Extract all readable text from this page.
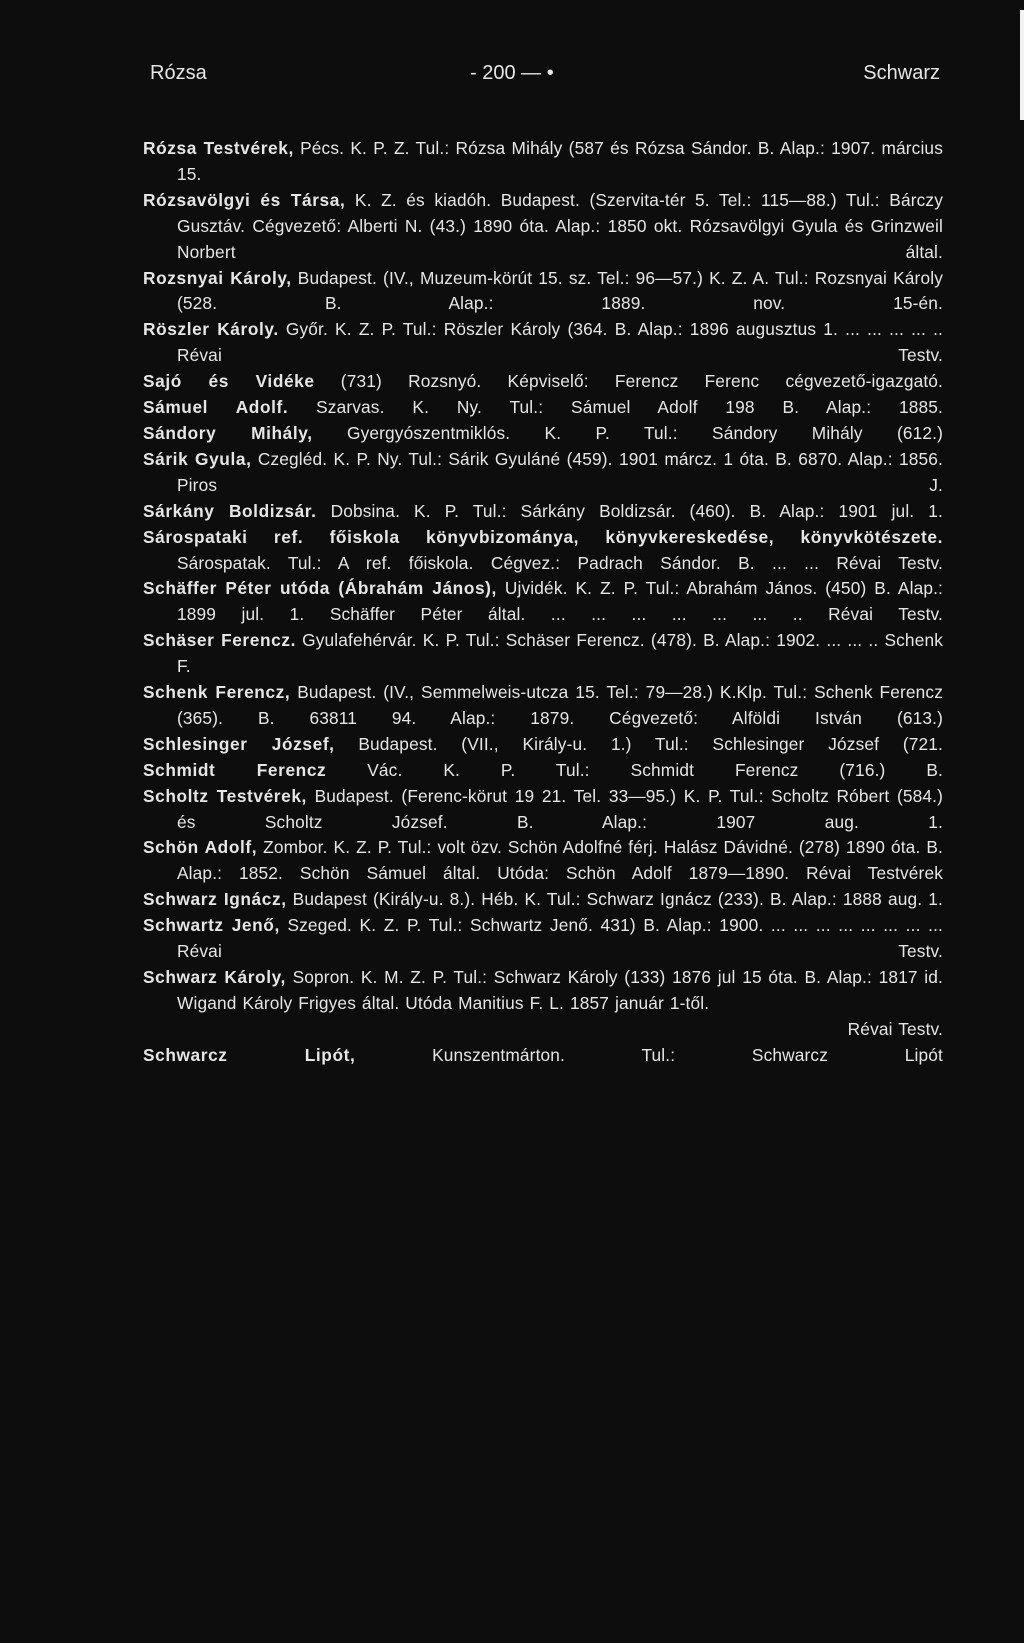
Rózsa	- 200 — •	Schwarz

Rózsa Testvérek, Pécs. K. P. Z. Tul.: Rózsa Mihály (587 és Rózsa Sándor. B. Alap.: 1907. március 15.

Rózsavölgyi és Társa, K. Z. és kiadóh. Budapest. (Szervita-tér 5. Tel.: 115—88.) Tul.: Bárczy Gusztáv. Cégvezető: Alberti N. (43.) 1890 óta. Alap.: 1850 okt. Rózsavölgyi Gyula és Grinzweil Norbert által.

Rozsnyai Károly, Budapest. (IV., Muzeum-körút 15. sz. Tel.: 96—57.) K. Z. A. Tul.: Rozsnyai Károly (528. B. Alap.: 1889. nov. 15-én.

Röszler Károly. Győr. K. Z. P. Tul.: Röszler Károly (364. B. Alap.: 1896 augusztus 1. ... ... ... ... .. Révai Testv.

Sajó és Vidéke (731) Rozsnyó. Képviselő: Ferencz Ferenc cégvezető-igazgató.

Sámuel Adolf. Szarvas. K. Ny. Tul.: Sámuel Adolf 198 B. Alap.: 1885.

Sándory Mihály, Gyergyószentmiklós. K. P. Tul.: Sándory Mihály (612.)

Sárik Gyula, Czegléd. K. P. Ny. Tul.: Sárik Gyuláné (459). 1901 márcz. 1 óta. B. 6870. Alap.: 1856. Piros J.

Sárkány Boldizsár. Dobsina. K. P. Tul.: Sárkány Boldizsár. (460). B. Alap.: 1901 jul. 1.

Sárospataki ref. főiskola könyvbizományа, könyvkereskedése, könyvkötészete. Sárospatak. Tul.: A ref. főiskola. Cégvez.: Padrach Sándor. B. ... ... Révai Testv.

Schäffer Péter utóda (Ábrahám János), Ujvidék. K. Z. P. Tul.: Abrahám János. (450) B. Alap.: 1899 jul. 1. Schäffer Péter által. ... ... ... ... ... ... .. Révai Testv.

Schäser Ferencz. Gyulafehérvár. K. P. Tul.: Schäser Ferencz. (478). B. Alap.: 1902. ... ... .. Schenk F.

Schenk Ferencz, Budapest. (IV., Semmelweis-utcza 15. Tel.: 79—28.) K.Klp. Tul.: Schenk Ferencz (365). B. 63811 94. Alap.: 1879. Cégvezető: Alföldi István (613.)

Schlesinger József, Budapest. (VII., Király-u. 1.) Tul.: Schlesinger József (721.

Schmidt Ferencz Vác. K. P. Tul.: Schmidt Ferencz (716.) B.

Scholtz Testvérek, Budapest. (Ferenc-körut 19 21. Tel. 33—95.) K. P. Tul.: Scholtz Róbert (584.) és Scholtz József. B. Alap.: 1907 aug. 1.

Schön Adolf, Zombor. K. Z. P. Tul.: volt özv. Schön Adolfné férj. Halász Dávidné. (278) 1890 óta. B. Alap.: 1852. Schön Sámuel által. Utóda: Schön Adolf 1879—1890. Révai Testvérek

Schwarz Ignácz, Budapest (Király-u. 8.). Héb. K. Tul.: Schwarz Ignácz (233). B. Alap.: 1888 aug. 1.

Schwartz Jenő, Szeged. K. Z. P. Tul.: Schwartz Jenő. 431) B. Alap.: 1900. ... ... ... ... ... ... ... ... Révai Testv.

Schwarz Károly, Sopron. K. M. Z. P. Tul.: Schwarz Károly (133) 1876 jul 15 óta. B. Alap.: 1817 id. Wigand Károly Frigyes által. Utóda Manitius F. L. 1857 január 1-től.
Révai Testv.

Schwarcz Lipót, Kunszentmárton. Tul.: Schwarcz Lipót
